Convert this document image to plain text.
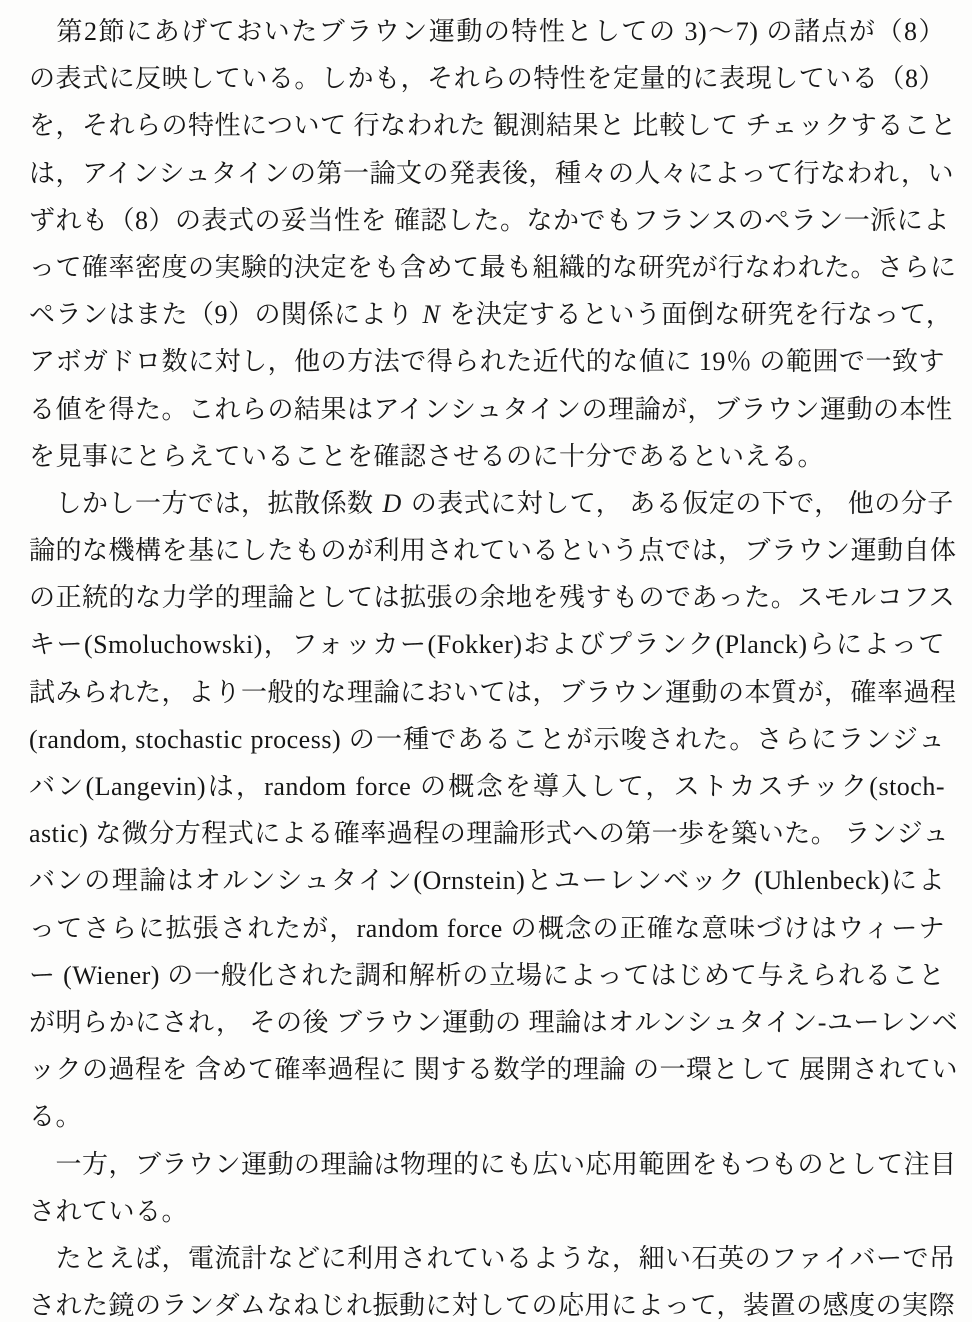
　第2節にあげておいたブラウン運動の特性としての 3)～7) の諸点が（8）
の表式に反映している。しかも，それらの特性を定量的に表現している（8）
を，それらの特性について 行なわれた 観測結果と 比較して チェックすること
は，アインシュタインの第一論文の発表後，種々の人々によって行なわれ，い
ずれも（8）の表式の妥当性を 確認した。なかでもフランスのペラン一派によ
って確率密度の実験的決定をも含めて最も組織的な研究が行なわれた。さらに
ペランはまた（9）の関係により N を決定するという面倒な研究を行なって，
アボガドロ数に対し，他の方法で得られた近代的な値に 19％ の範囲で一致す
る値を得た。これらの結果はアインシュタインの理論が，ブラウン運動の本性
を見事にとらえていることを確認させるのに十分であるといえる。
　しかし一方では，拡散係数 D の表式に対して， ある仮定の下で， 他の分子
論的な機構を基にしたものが利用されているという点では，ブラウン運動自体
の正統的な力学的理論としては拡張の余地を残すものであった。スモルコフス
キー(Smoluchowski)，フォッカー(Fokker)およびプランク(Planck)らによって
試みられた，より一般的な理論においては，ブラウン運動の本質が，確率過程
(random, stochastic process) の一種であることが示唆された。さらにランジュ
バン(Langevin)は，random force の概念を導入して，ストカスチック(stoch-
astic) な微分方程式による確率過程の理論形式への第一歩を築いた。 ランジュ
バンの理論はオルンシュタイン(Ornstein)とユーレンベック (Uhlenbeck)によ
ってさらに拡張されたが，random force の概念の正確な意味づけはウィーナ
ー (Wiener) の一般化された調和解析の立場によってはじめて与えられること
が明らかにされ， その後 ブラウン運動の 理論はオルンシュタイン-ユーレンベ
ックの過程を 含めて確率過程に 関する数学的理論 の一環として 展開されてい
る。
　一方，ブラウン運動の理論は物理的にも広い応用範囲をもつものとして注目
されている。
　たとえば，電流計などに利用されているような，細い石英のファイバーで吊
された鏡のランダムなねじれ振動に対しての応用によって，装置の感度の実際
